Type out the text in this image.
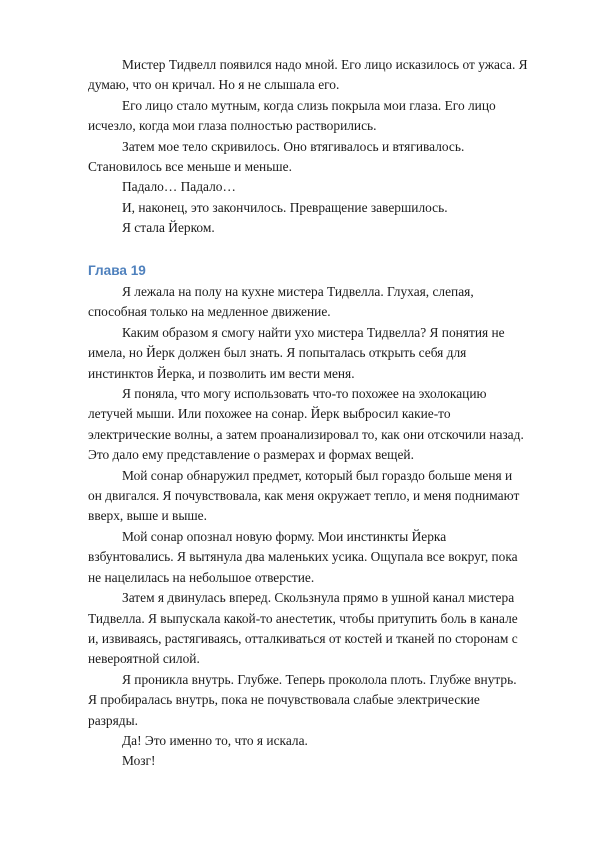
Мистер Тидвелл появился надо мной. Его лицо исказилось от ужаса. Я думаю, что он кричал. Но я не слышала его.

Его лицо стало мутным, когда слизь покрыла мои глаза. Его лицо исчезло, когда мои глаза полностью растворились.

Затем мое тело скривилось. Оно втягивалось и втягивалось. Становилось все меньше и меньше.

Падало… Падало…

И, наконец, это закончилось. Превращение завершилось.

Я стала Йерком.

Глава 19

Я лежала на полу на кухне мистера Тидвелла. Глухая, слепая, способная только на медленное движение.

Каким образом я смогу найти ухо мистера Тидвелла? Я понятия не имела, но Йерк должен был знать. Я попыталась открыть себя для инстинктов Йерка, и позволить им вести меня.

Я поняла, что могу использовать что-то похожее на эхолокацию летучей мыши. Или похожее на сонар. Йерк выбросил какие-то электрические волны, а затем проанализировал то, как они отскочили назад. Это дало ему представление о размерах и формах вещей.

Мой сонар обнаружил предмет, который был гораздо больше меня и он двигался. Я почувствовала, как меня окружает тепло, и меня поднимают вверх, выше и выше.

Мой сонар опознал новую форму. Мои инстинкты Йерка взбунтовались. Я вытянула два маленьких усика. Ощупала все вокруг, пока не нацелилась на небольшое отверстие.

Затем я двинулась вперед. Скользнула прямо в ушной канал мистера Тидвелла. Я выпускала какой-то анестетик, чтобы притупить боль в канале и, извиваясь, растягиваясь, отталкиваться от костей и тканей по сторонам с невероятной силой.

Я проникла внутрь. Глубже. Теперь проколола плоть. Глубже внутрь. Я пробиралась внутрь, пока не почувствовала слабые электрические разряды.

Да! Это именно то, что я искала.

Мозг!
